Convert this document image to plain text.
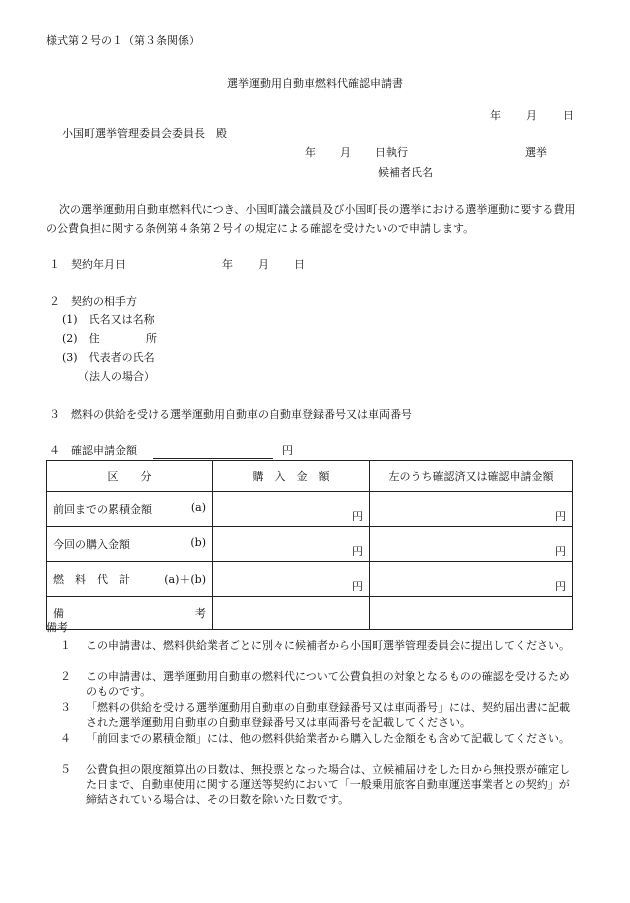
様式第２号の１（第３条関係）
選挙運動用自動車燃料代確認申請書
年 月 日
小国町選挙管理委員会委員長　殿
年 月 日執行	選挙
候補者氏名
次の選挙運動用自動車燃料代につき、小国町議会議員及び小国町長の選挙における選挙運動に要する費用の公費負担に関する条例第４条第２号イの規定による確認を受けたいので申請します。
１　契約年月日	年 月 日
２　契約の相手方
(1)　氏名又は名称
(2)　住	所
(3)　代表者の氏名
（法人の場合）
３　燃料の供給を受ける選挙運動用自動車の自動車登録番号又は車両番号
４　確認申請金額	円
区　　分	購　入　金　額	左のうち確認済又は確認申請金額

前回までの累積金額 (a)	円	円

今回の購入金額 (b)	円	円

燃　料　代　計 (a)＋(b)	円	円

備 考		

備考
１	この申請書は、燃料供給業者ごとに別々に候補者から小国町選挙管理委員会に提出してください。
２	この申請書は、選挙運動用自動車の燃料代について公費負担の対象となるものの確認を受けるためのものです。
３	「燃料の供給を受ける選挙運動用自動車の自動車登録番号又は車両番号」には、契約届出書に記載された選挙運動用自動車の自動車登録番号又は車両番号を記載してください。
４	「前回までの累積金額」には、他の燃料供給業者から購入した金額をも含めて記載してください。
５	公費負担の限度額算出の日数は、無投票となった場合は、立候補届けをした日から無投票が確定した日まで、自動車使用に関する運送等契約において「一般乗用旅客自動車運送事業者との契約」が締結されている場合は、その日数を除いた日数です。
